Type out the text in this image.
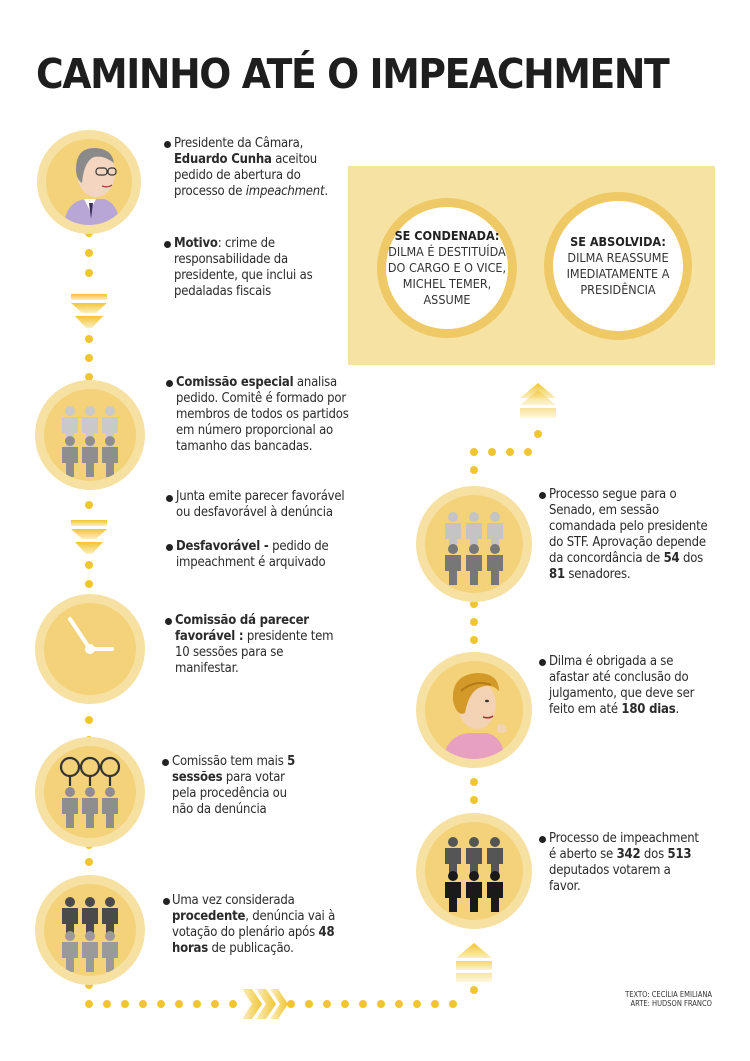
CAMINHO ATÉ O IMPEACHMENT
SE CONDENADA:
DILMA É DESTITUÍDA DO CARGO E O VICE, MICHEL TEMER, ASSUME
SE ABSOLVIDA:
DILMA REASSUME IMEDIATAMENTE A PRESIDÊNCIA
Presidente da Câmara,
Eduardo Cunha aceitou pedido de abertura do processo de impeachment.
Motivo: crime de responsabilidade da presidente, que inclui as pedaladas fiscais
Comissão especial analisa pedido. Comitê é formado por membros de todos os partidos em número proporcional ao tamanho das bancadas.
Junta emite parecer favorável ou desfavorável à denúncia
Desfavorável - pedido de impeachment é arquivado
Comissão dá parecer favorável : presidente tem 10 sessões para se manifestar.
Comissão tem mais 5 sessões para votar pela procedência ou não da denúncia
Uma vez considerada procedente, denúncia vai à votação do plenário após 48 horas de publicação.
Processo segue para o Senado, em sessão comandada pelo presidente do STF. Aprovação depende da concordância de 54 dos 81 senadores.
Dilma é obrigada a se afastar até conclusão do julgamento, que deve ser feito em até 180 dias.
Processo de impeachment é aberto se 342 dos 513 deputados votarem a favor.
TEXTO: CECÍLIA EMILIANA
ARTE: HUDSON FRANCO
